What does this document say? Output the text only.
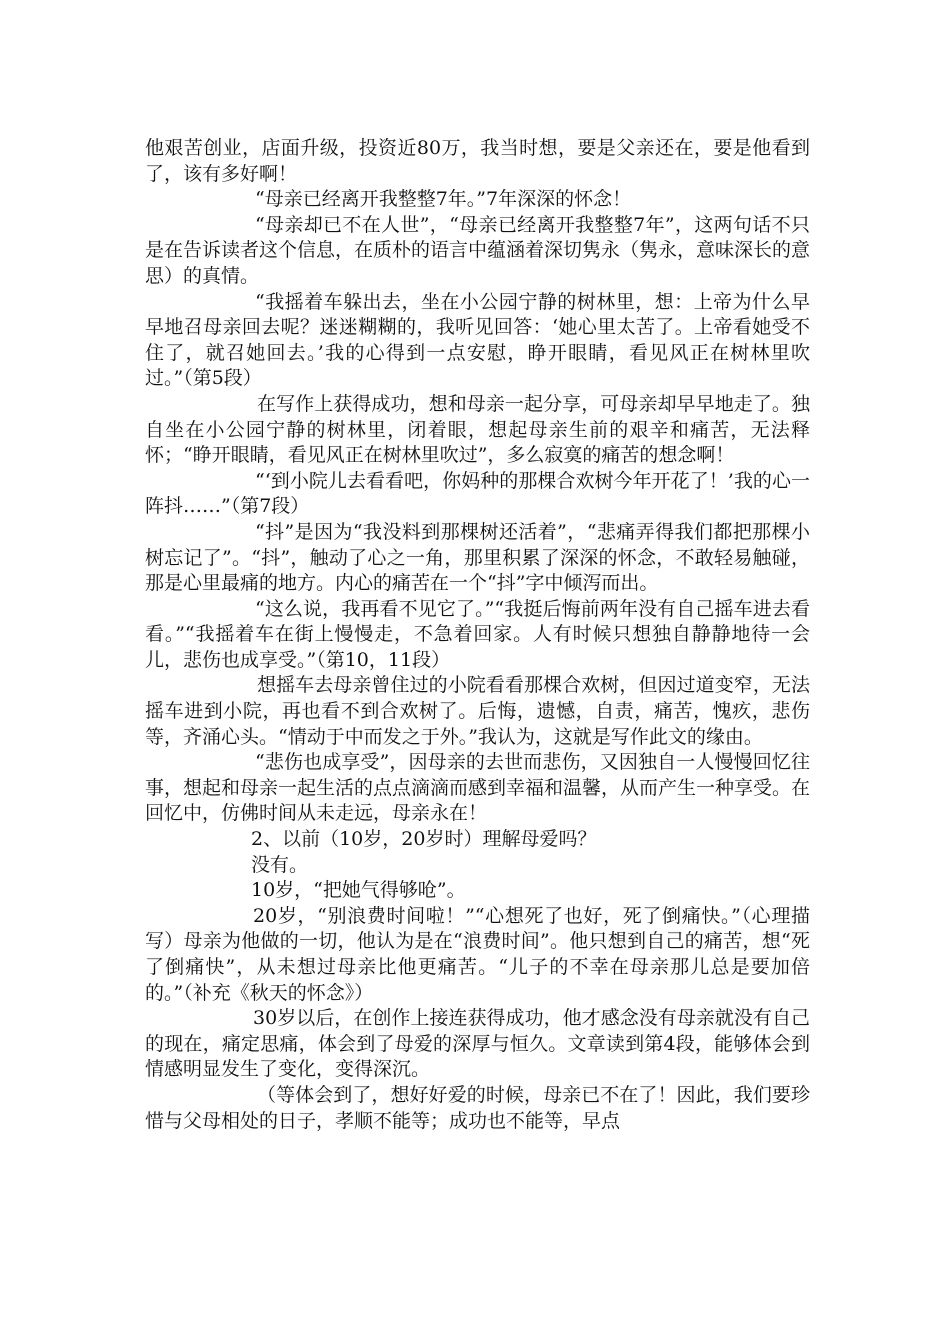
他艰苦创业，店面升级，投资近80万，我当时想，要是父亲还在，要是他看到了，该有多好啊！

“母亲已经离开我整整7年。”7年深深的怀念！

“母亲却已不在人世”，“母亲已经离开我整整7年”，这两句话不只是在告诉读者这个信息，在质朴的语言中蕴涵着深切隽永（隽永，意味深长的意思）的真情。

“我摇着车躲出去，坐在小公园宁静的树林里，想：上帝为什么早早地召母亲回去呢？迷迷糊糊的，我听见回答：‘她心里太苦了。上帝看她受不住了，就召她回去。’我的心得到一点安慰，睁开眼睛，看见风正在树林里吹过。”（第5段）

在写作上获得成功，想和母亲一起分享，可母亲却早早地走了。独自坐在小公园宁静的树林里，闭着眼，想起母亲生前的艰辛和痛苦，无法释怀；“睁开眼睛，看见风正在树林里吹过”，多么寂寞的痛苦的想念啊！

“‘到小院儿去看看吧，你妈种的那棵合欢树今年开花了！’我的心一阵抖……”（第7段）

“抖”是因为“我没料到那棵树还活着”，“悲痛弄得我们都把那棵小树忘记了”。“抖”，触动了心之一角，那里积累了深深的怀念，不敢轻易触碰，那是心里最痛的地方。内心的痛苦在一个“抖”字中倾泻而出。

“这么说，我再看不见它了。”“我挺后悔前两年没有自己摇车进去看看。”“我摇着车在街上慢慢走，不急着回家。人有时候只想独自静静地待一会儿，悲伤也成享受。”（第10，11段）

想摇车去母亲曾住过的小院看看那棵合欢树，但因过道变窄，无法摇车进到小院，再也看不到合欢树了。后悔，遗憾，自责，痛苦，愧疚，悲伤等，齐涌心头。“情动于中而发之于外。”我认为，这就是写作此文的缘由。

“悲伤也成享受”，因母亲的去世而悲伤，又因独自一人慢慢回忆往事，想起和母亲一起生活的点点滴滴而感到幸福和温馨，从而产生一种享受。在回忆中，仿佛时间从未走远，母亲永在！

2、以前（10岁，20岁时）理解母爱吗？

没有。

10岁，“把她气得够呛”。

20岁，“别浪费时间啦！”“心想死了也好，死了倒痛快。”（心理描写）母亲为他做的一切，他认为是在“浪费时间”。他只想到自己的痛苦，想“死了倒痛快”，从未想过母亲比他更痛苦。“儿子的不幸在母亲那儿总是要加倍的。”（补充《秋天的怀念》）

30岁以后，在创作上接连获得成功，他才感念没有母亲就没有自己的现在，痛定思痛，体会到了母爱的深厚与恒久。文章读到第4段，能够体会到情感明显发生了变化，变得深沉。

（等体会到了，想好好爱的时候，母亲已不在了！因此，我们要珍惜与父母相处的日子，孝顺不能等；成功也不能等，早点
